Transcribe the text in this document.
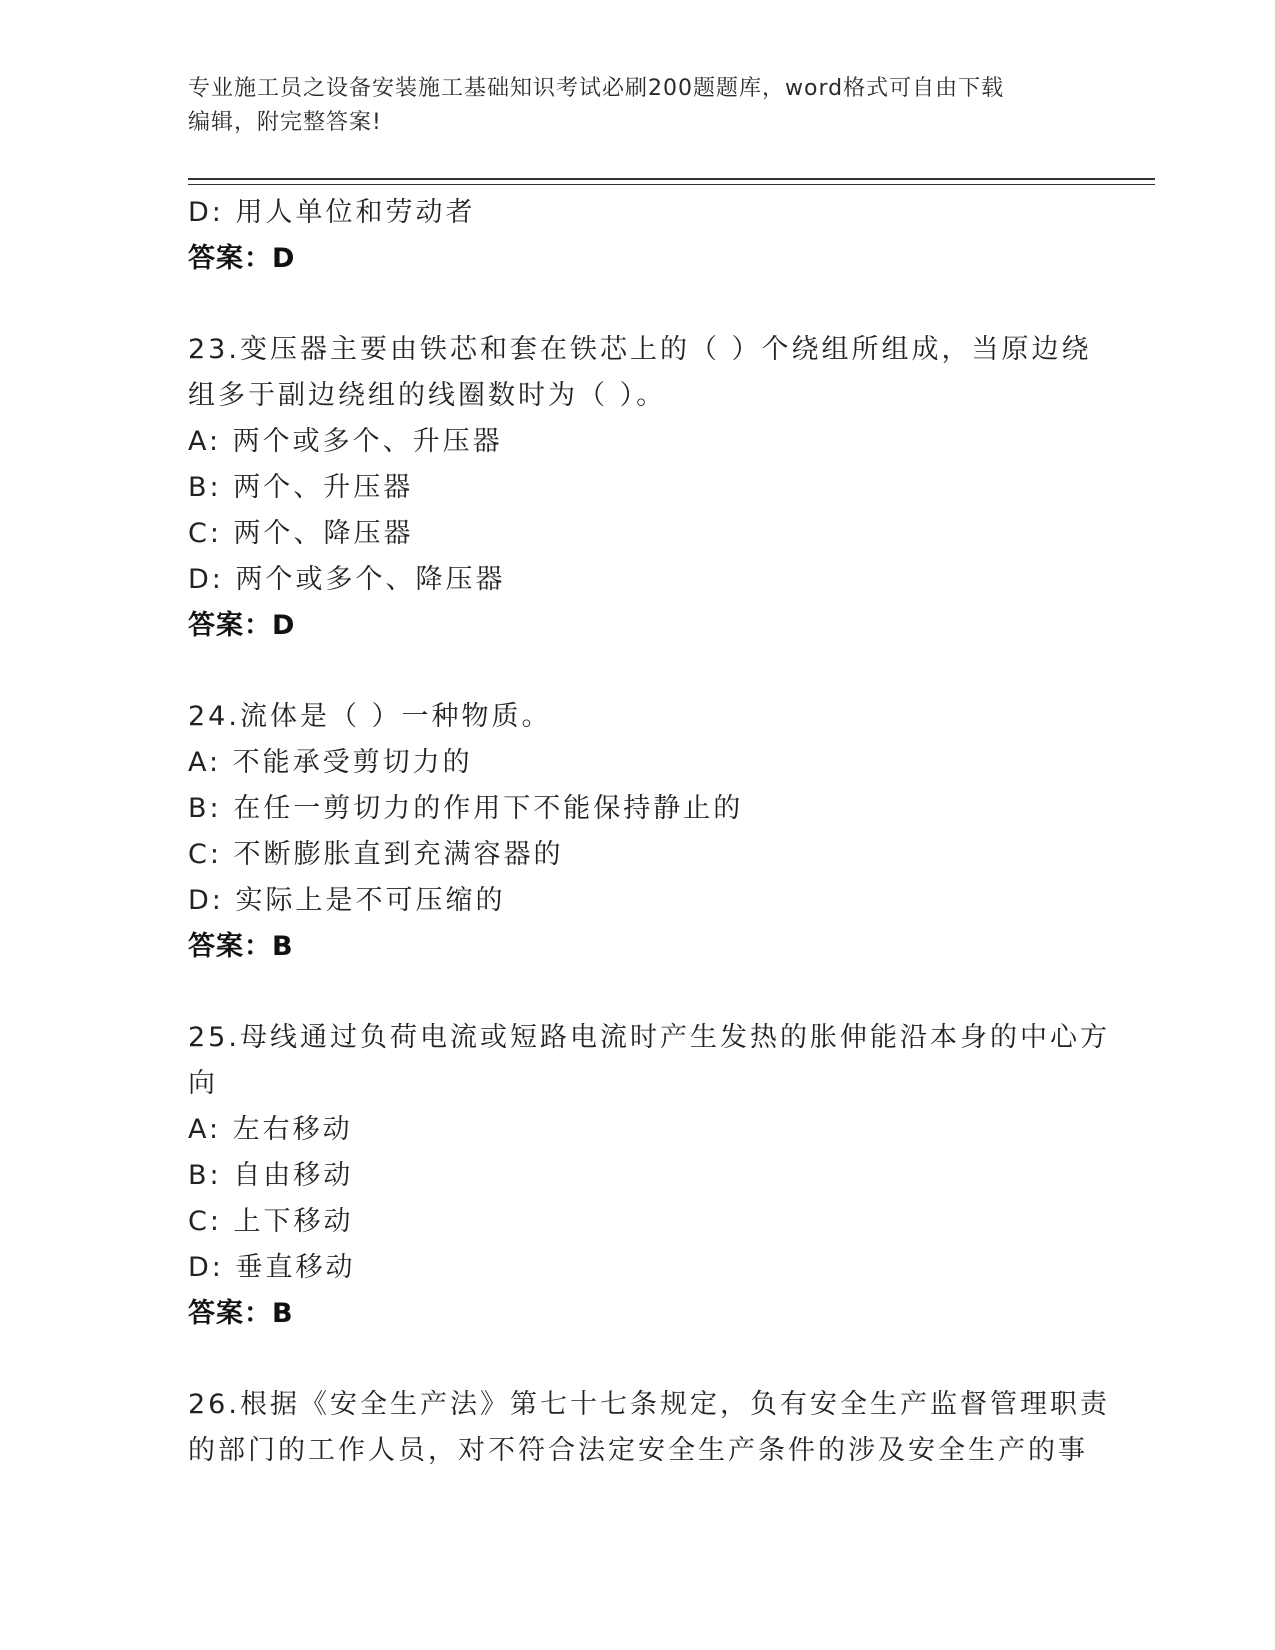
专业施工员之设备安装施工基础知识考试必刷200题题库，word格式可自由下载
编辑，附完整答案!
D: 用人单位和劳动者
答案：D
23.变压器主要由铁芯和套在铁芯上的（ ）个绕组所组成，当原边绕
组多于副边绕组的线圈数时为（ ）。
A: 两个或多个、升压器
B: 两个、升压器
C: 两个、降压器
D: 两个或多个、降压器
答案：D
24.流体是（ ）一种物质。
A: 不能承受剪切力的
B: 在任一剪切力的作用下不能保持静止的
C: 不断膨胀直到充满容器的
D: 实际上是不可压缩的
答案：B
25.母线通过负荷电流或短路电流时产生发热的胀伸能沿本身的中心方
向
A: 左右移动
B: 自由移动
C: 上下移动
D: 垂直移动
答案：B
26.根据《安全生产法》第七十七条规定，负有安全生产监督管理职责
的部门的工作人员，对不符合法定安全生产条件的涉及安全生产的事
